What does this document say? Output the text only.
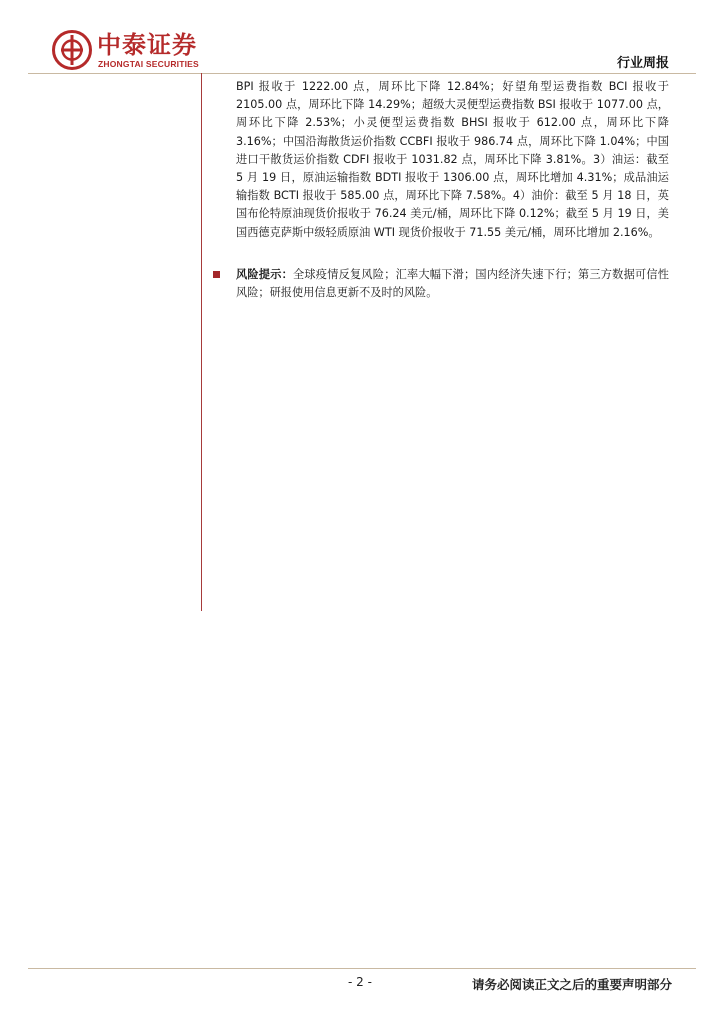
中泰证券
ZHONGTAI SECURITIES	行业周报
BPI 报收于 1222.00 点，周环比下降 12.84%；好望角型运费指数 BCI 报收于 2105.00 点，周环比下降 14.29%；超级大灵便型运费指数 BSI 报收于 1077.00 点，周环比下降 2.53%；小灵便型运费指数 BHSI 报收于 612.00 点，周环比下降 3.16%；中国沿海散货运价指数 CCBFI 报收于 986.74 点，周环比下降 1.04%；中国进口干散货运价指数 CDFI 报收于 1031.82 点，周环比下降 3.81%。3）油运：截至 5 月 19 日，原油运输指数 BDTI 报收于 1306.00 点，周环比增加 4.31%；成品油运输指数 BCTI 报收于 585.00 点，周环比下降 7.58%。4）油价：截至 5 月 18 日，英国布伦特原油现货价报收于 76.24 美元/桶，周环比下降 0.12%；截至 5 月 19 日，美国西德克萨斯中级轻质原油 WTI 现货价报收于 71.55 美元/桶，周环比增加 2.16%。
风险提示：全球疫情反复风险；汇率大幅下滑；国内经济失速下行；第三方数据可信性风险；研报使用信息更新不及时的风险。
- 2 -	请务必阅读正文之后的重要声明部分
